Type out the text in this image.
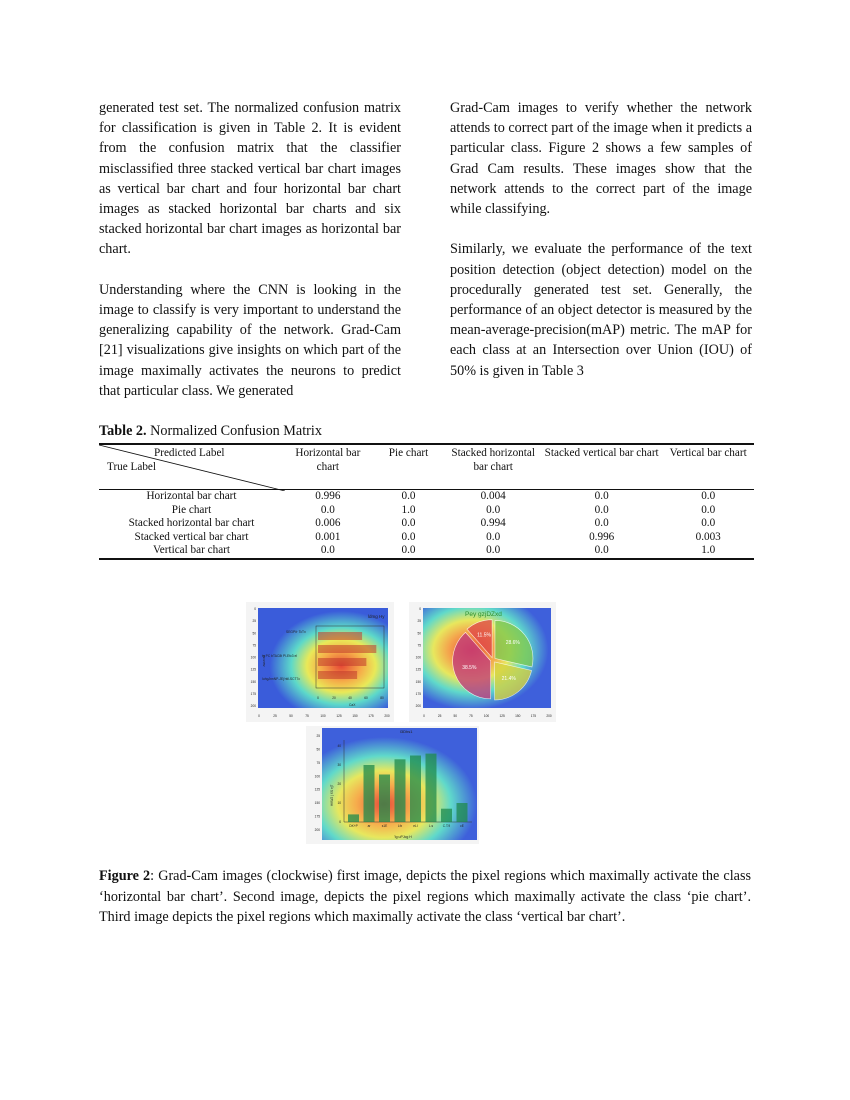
generated test set. The normalized confusion matrix for classification is given in Table 2. It is evident from the confusion matrix that the classifier misclassified three stacked vertical bar chart images as vertical bar chart and four horizontal bar chart images as stacked horizontal bar charts and six stacked horizontal bar chart images as horizontal bar chart.

Understanding where the CNN is looking in the image to classify is very important to understand the generalizing capability of the network. Grad-Cam [21] visualizations give insights on which part of the image maximally activates the neurons to predict that particular class. We generated

Grad-Cam images to verify whether the network attends to correct part of the image when it predicts a particular class. Figure 2 shows a few samples of Grad Cam results. These images show that the network attends to the correct part of the image while classifying.

Similarly, we evaluate the performance of the text position detection (object detection) model on the procedurally generated test set. Generally, the performance of an object detector is measured by the mean-average-precision(mAP) metric. The mAP for each class at an Intersection over Union (IOU) of 50% is given in Table 3

Table 2. Normalized Confusion Matrix
Predicted Label
True Label	Horizontal bar chart	Pie chart	Stacked horizontal bar chart	Stacked vertical bar chart	Vertical bar chart
Horizontal bar chart	0.996	0.0	0.004	0.0	0.0
Pie chart	0.0	1.0	0.0	0.0	0.0
Stacked horizontal bar chart	0.006	0.0	0.994	0.0	0.0
Stacked vertical bar chart	0.001	0.0	0.0	0.996	0.003
Vertical bar chart	0.0	0.0	0.0	0.0	1.0
ldmg Hy
SEGPit· TcTx
tg PC bTAC8t Pl-Efc3 el
IuhgJnnNP-JEj'ntil-SCT7c
JWe8 KJ
CaX
0
25
50
75
100
125
150
175
200
0	25	50	75	100	125	150	175	200
0	20	40	60	80
Pey gzjDZxd
28.6%
21.4%
38.5%
11.5%
0
25
50
75
100
125
150
175
200
0	25	50	75	100	125	150	175	200
l3Dhs1
'Ig uPJcg H
HKW2 | XS ejT
25
50
75
100
125
150
175
200
40
30
20
10
0
DK+P	ar	s1E	Lfx	eLI	L.s	C.T.9	cE
Figure 2: Grad-Cam images (clockwise) first image, depicts the pixel regions which maximally activate the class ‘horizontal bar chart’. Second image, depicts the pixel regions which maximally activate the class ‘pie chart’. Third image depicts the pixel regions which maximally activate the class ‘vertical bar chart’.
